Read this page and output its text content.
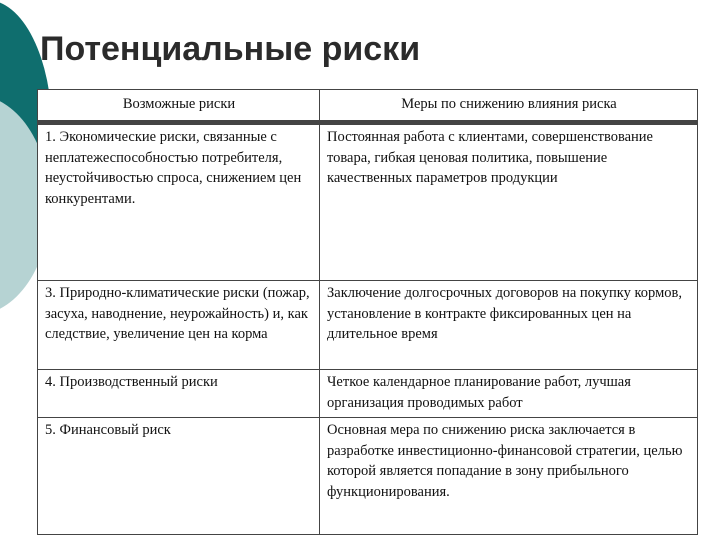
Потенциальные риски
Возможные риски	Меры по снижению влияния риска
1. Экономические риски, связанные с неплатежеспособностью потребителя, неустойчивостью спроса, снижением цен конкурентами.	Постоянная работа с клиентами, совершенствование товара, гибкая ценовая политика, повышение качественных параметров продукции
3. Природно-климатические риски (пожар, засуха, наводнение, неурожайность) и, как следствие, увеличение цен на корма	Заключение долгосрочных договоров на покупку кормов, установление в контракте фиксированных цен на длительное время
4. Производственный риски	Четкое календарное планирование работ, лучшая организация проводимых работ
5. Финансовый риск	Основная мера по снижению риска заключается в разработке инвестиционно-финансовой стратегии, целью которой является попадание в зону прибыльного функционирования.
